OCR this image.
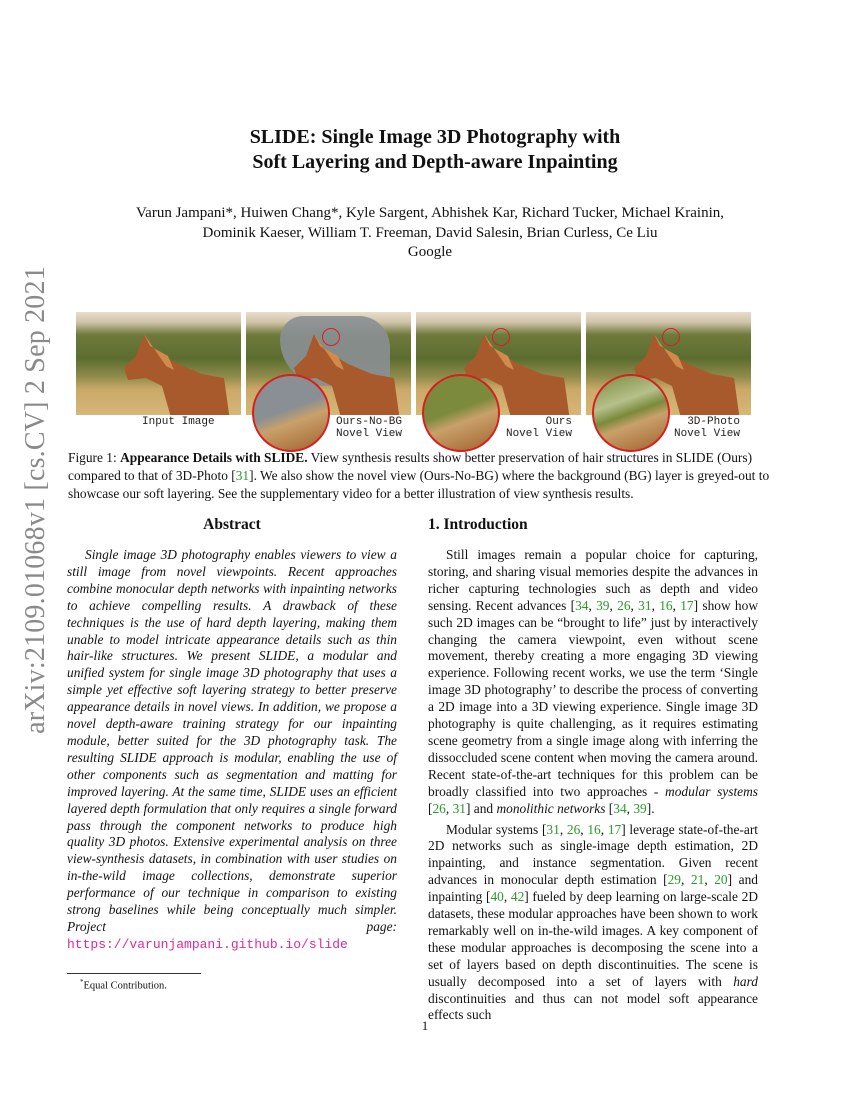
arXiv:2109.01068v1 [cs.CV] 2 Sep 2021
SLIDE: Single Image 3D Photography with
Soft Layering and Depth-aware Inpainting
Varun Jampani*, Huiwen Chang*, Kyle Sargent, Abhishek Kar, Richard Tucker, Michael Krainin,
Dominik Kaeser, William T. Freeman, David Salesin, Brian Curless, Ce Liu
Google
Input Image	Ours-No-BG
Novel View
Ours
Novel View
3D-Photo
Novel View
Figure 1: Appearance Details with SLIDE. View synthesis results show better preservation of hair structures in SLIDE (Ours) compared to that of 3D-Photo [31]. We also show the novel view (Ours-No-BG) where the background (BG) layer is greyed-out to showcase our soft layering. See the supplementary video for a better illustration of view synthesis results.
Abstract

Single image 3D photography enables viewers to view a still image from novel viewpoints. Recent approaches combine monocular depth networks with inpainting networks to achieve compelling results. A drawback of these techniques is the use of hard depth layering, making them unable to model intricate appearance details such as thin hair-like structures. We present SLIDE, a modular and unified system for single image 3D photography that uses a simple yet effective soft layering strategy to better preserve appearance details in novel views. In addition, we propose a novel depth-aware training strategy for our inpainting module, better suited for the 3D photography task. The resulting SLIDE approach is modular, enabling the use of other components such as segmentation and matting for improved layering. At the same time, SLIDE uses an efficient layered depth formulation that only requires a single forward pass through the component networks to produce high quality 3D photos. Extensive experimental analysis on three view-synthesis datasets, in combination with user studies on in-the-wild image collections, demonstrate superior performance of our technique in comparison to existing strong baselines while being conceptually much simpler. Project page: https://varunjampani.github.io/slide

*Equal Contribution.
1. Introduction

Still images remain a popular choice for capturing, storing, and sharing visual memories despite the advances in richer capturing technologies such as depth and video sensing. Recent advances [34, 39, 26, 31, 16, 17] show how such 2D images can be “brought to life” just by interactively changing the camera viewpoint, even without scene movement, thereby creating a more engaging 3D viewing experience. Following recent works, we use the term ‘Single image 3D photography’ to describe the process of converting a 2D image into a 3D viewing experience. Single image 3D photography is quite challenging, as it requires estimating scene geometry from a single image along with inferring the dissoccluded scene content when moving the camera around. Recent state-of-the-art techniques for this problem can be broadly classified into two approaches - modular systems [26, 31] and monolithic networks [34, 39].

Modular systems [31, 26, 16, 17] leverage state-of-the-art 2D networks such as single-image depth estimation, 2D inpainting, and instance segmentation. Given recent advances in monocular depth estimation [29, 21, 20] and inpainting [40, 42] fueled by deep learning on large-scale 2D datasets, these modular approaches have been shown to work remarkably well on in-the-wild images. A key component of these modular approaches is decomposing the scene into a set of layers based on depth discontinuities. The scene is usually decomposed into a set of layers with hard discontinuities and thus can not model soft appearance effects such

1
